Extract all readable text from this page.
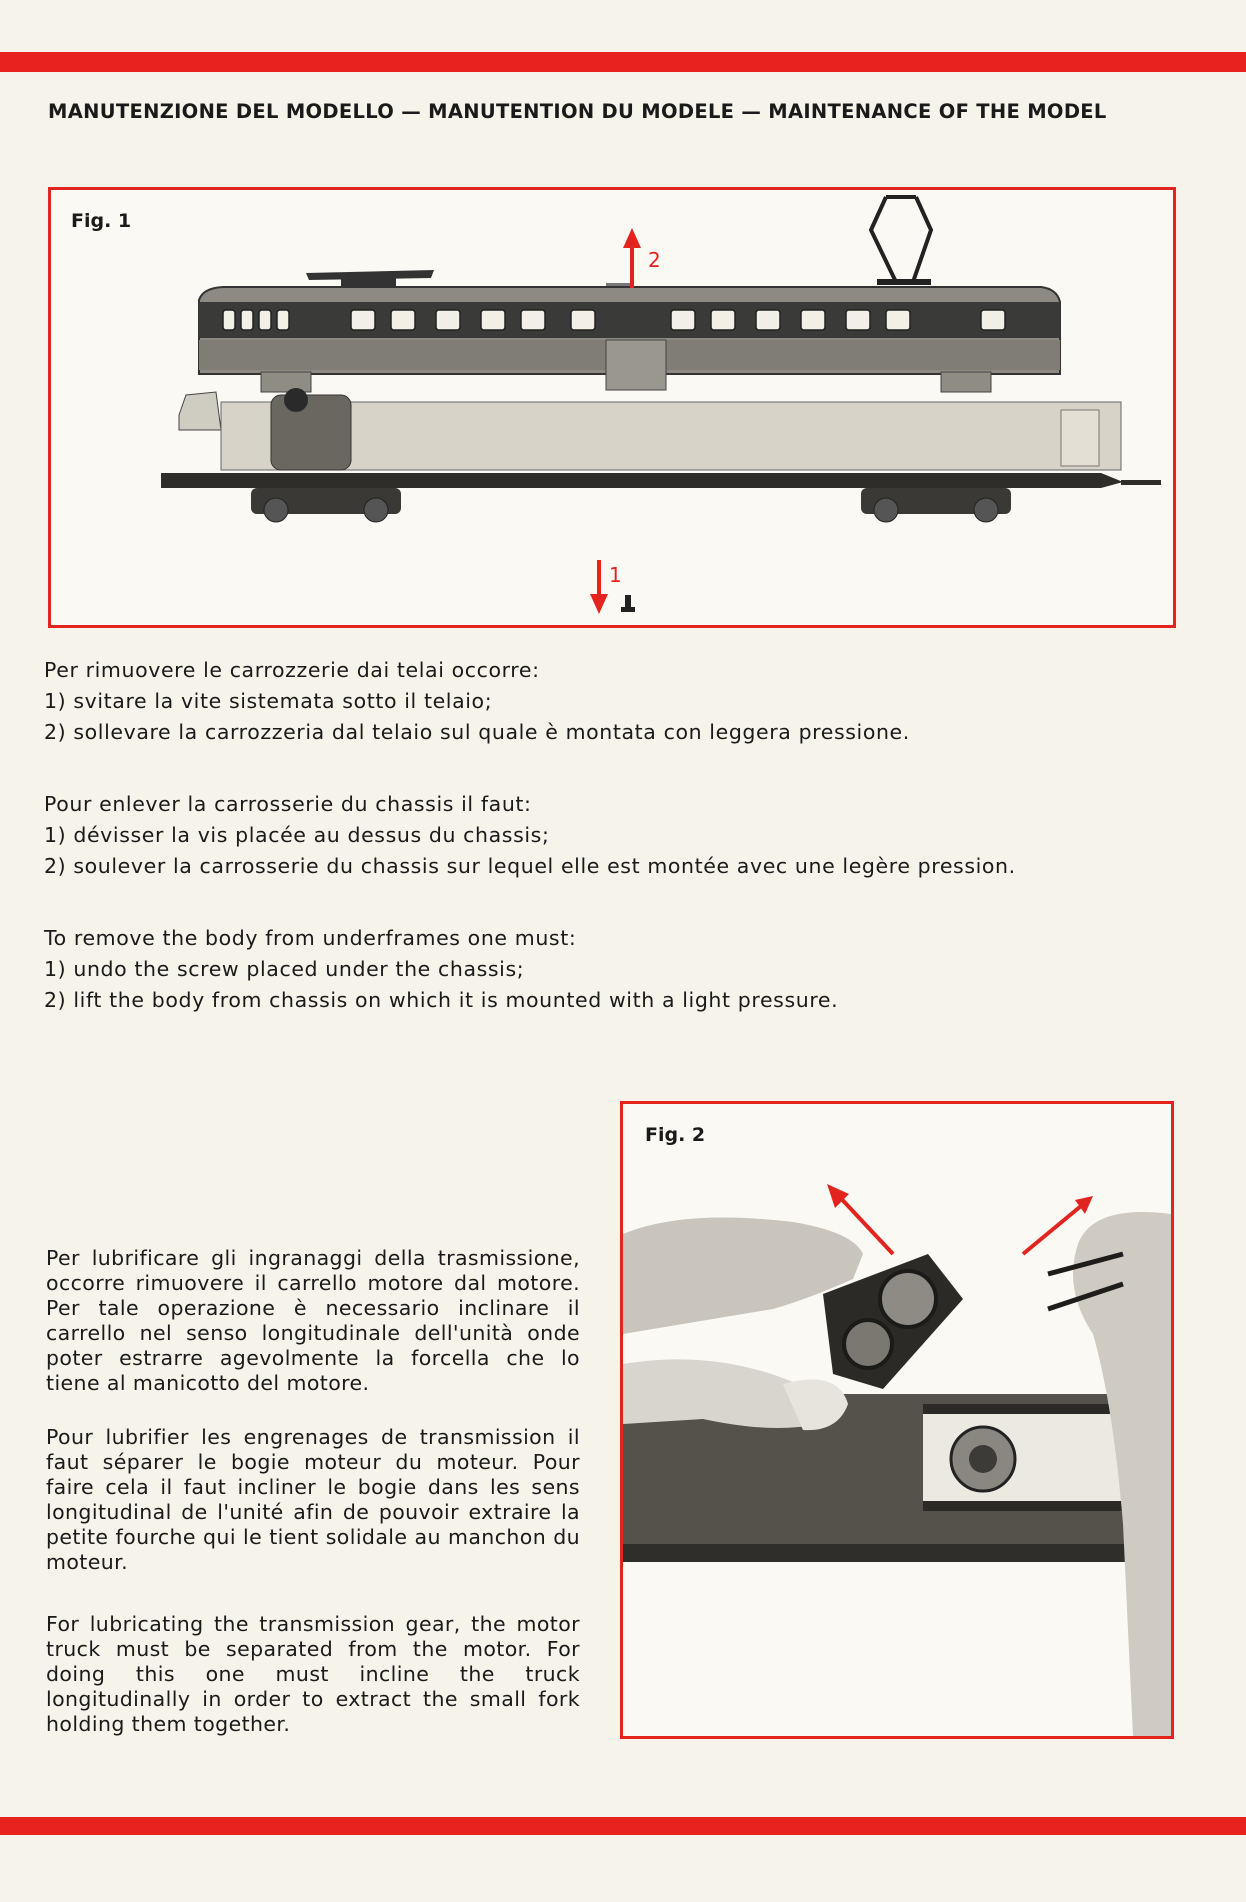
MANUTENZIONE DEL MODELLO — MANUTENTION DU MODELE — MAINTENANCE OF THE MODEL
Fig. 1
2
1
Per rimuovere le carrozzerie dai telai occorre:
1) svitare la vite sistemata sotto il telaio;
2) sollevare la carrozzeria dal telaio sul quale è montata con leggera pressione.
Pour enlever la carrosserie du chassis il faut:
1) dévisser la vis placée au dessus du chassis;
2) soulever la carrosserie du chassis sur lequel elle est montée avec une legère pression.
To remove the body from underframes one must:
1) undo the screw placed under the chassis;
2) lift the body from chassis on which it is mounted with a light pressure.
Per lubrificare gli ingranaggi della trasmissione, occorre rimuovere il carrello motore dal motore. Per tale operazione è necessario inclinare il carrello nel senso longitudinale dell'unità onde poter estrarre agevolmente la forcella che lo tiene al manicotto del motore.
Pour lubrifier les engrenages de transmission il faut séparer le bogie moteur du moteur. Pour faire cela il faut incliner le bogie dans les sens longitudinal de l'unité afin de pouvoir extraire la petite fourche qui le tient solidale au manchon du moteur.
For lubricating the transmission gear, the motor truck must be separated from the motor. For doing this one must incline the truck longitudinally in order to extract the small fork holding them together.
Fig. 2
